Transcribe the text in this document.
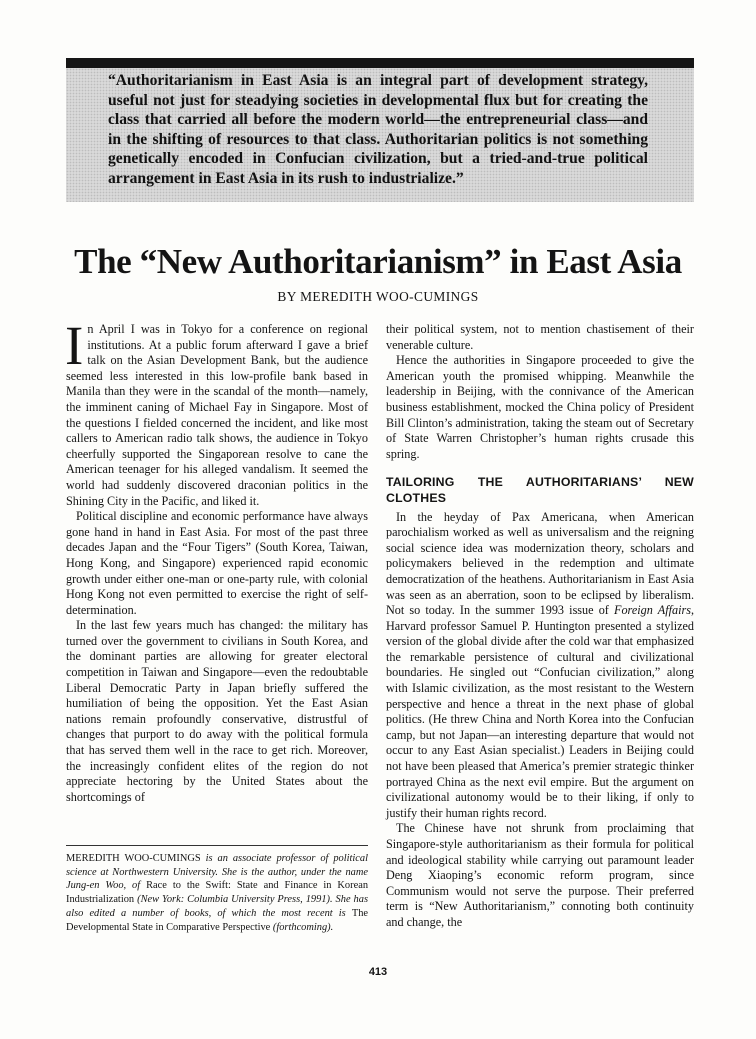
“Authoritarianism in East Asia is an integral part of development strategy, useful not just for steadying societies in developmental flux but for creating the class that carried all before the modern world—the entrepreneurial class—and in the shifting of resources to that class. Authoritarian politics is not something genetically encoded in Confucian civilization, but a tried-and-true political arrangement in East Asia in its rush to industrialize.”

The “New Authoritarianism” in East Asia

BY MEREDITH WOO-CUMINGS

In April I was in Tokyo for a conference on regional institutions. At a public forum afterward I gave a brief talk on the Asian Development Bank, but the audience seemed less interested in this low-profile bank based in Manila than they were in the scandal of the month—namely, the imminent caning of Michael Fay in Singapore. Most of the questions I fielded concerned the incident, and like most callers to American radio talk shows, the audience in Tokyo cheerfully supported the Singaporean resolve to cane the American teenager for his alleged vandalism. It seemed the world had suddenly discovered draconian politics in the Shining City in the Pacific, and liked it.

Political discipline and economic performance have always gone hand in hand in East Asia. For most of the past three decades Japan and the “Four Tigers” (South Korea, Taiwan, Hong Kong, and Singapore) experienced rapid economic growth under either one-man or one-party rule, with colonial Hong Kong not even permitted to exercise the right of self-determination.

In the last few years much has changed: the military has turned over the government to civilians in South Korea, and the dominant parties are allowing for greater electoral competition in Taiwan and Singapore—even the redoubtable Liberal Democratic Party in Japan briefly suffered the humiliation of being the opposition. Yet the East Asian nations remain profoundly conservative, distrustful of changes that purport to do away with the political formula that has served them well in the race to get rich. Moreover, the increasingly confident elites of the region do not appreciate hectoring by the United States about the shortcomings of

their political system, not to mention chastisement of their venerable culture.

Hence the authorities in Singapore proceeded to give the American youth the promised whipping. Meanwhile the leadership in Beijing, with the connivance of the American business establishment, mocked the China policy of President Bill Clinton’s administration, taking the steam out of Secretary of State Warren Christopher’s human rights crusade this spring.

TAILORING THE AUTHORITARIANS’ NEW CLOTHES

In the heyday of Pax Americana, when American parochialism worked as well as universalism and the reigning social science idea was modernization theory, scholars and policymakers believed in the redemption and ultimate democratization of the heathens. Authoritarianism in East Asia was seen as an aberration, soon to be eclipsed by liberalism. Not so today. In the summer 1993 issue of Foreign Affairs, Harvard professor Samuel P. Huntington presented a stylized version of the global divide after the cold war that emphasized the remarkable persistence of cultural and civilizational boundaries. He singled out “Confucian civilization,” along with Islamic civilization, as the most resistant to the Western perspective and hence a threat in the next phase of global politics. (He threw China and North Korea into the Confucian camp, but not Japan—an interesting departure that would not occur to any East Asian specialist.) Leaders in Beijing could not have been pleased that America’s premier strategic thinker portrayed China as the next evil empire. But the argument on civilizational autonomy would be to their liking, if only to justify their human rights record.

The Chinese have not shrunk from proclaiming that Singapore-style authoritarianism as their formula for political and ideological stability while carrying out paramount leader Deng Xiaoping’s economic reform program, since Communism would not serve the purpose. Their preferred term is “New Authoritarianism,” connoting both continuity and change, the

MEREDITH WOO-CUMINGS is an associate professor of political science at Northwestern University. She is the author, under the name Jung-en Woo, of Race to the Swift: State and Finance in Korean Industrialization (New York: Columbia University Press, 1991). She has also edited a number of books, of which the most recent is The Developmental State in Comparative Perspective (forthcoming).

413
